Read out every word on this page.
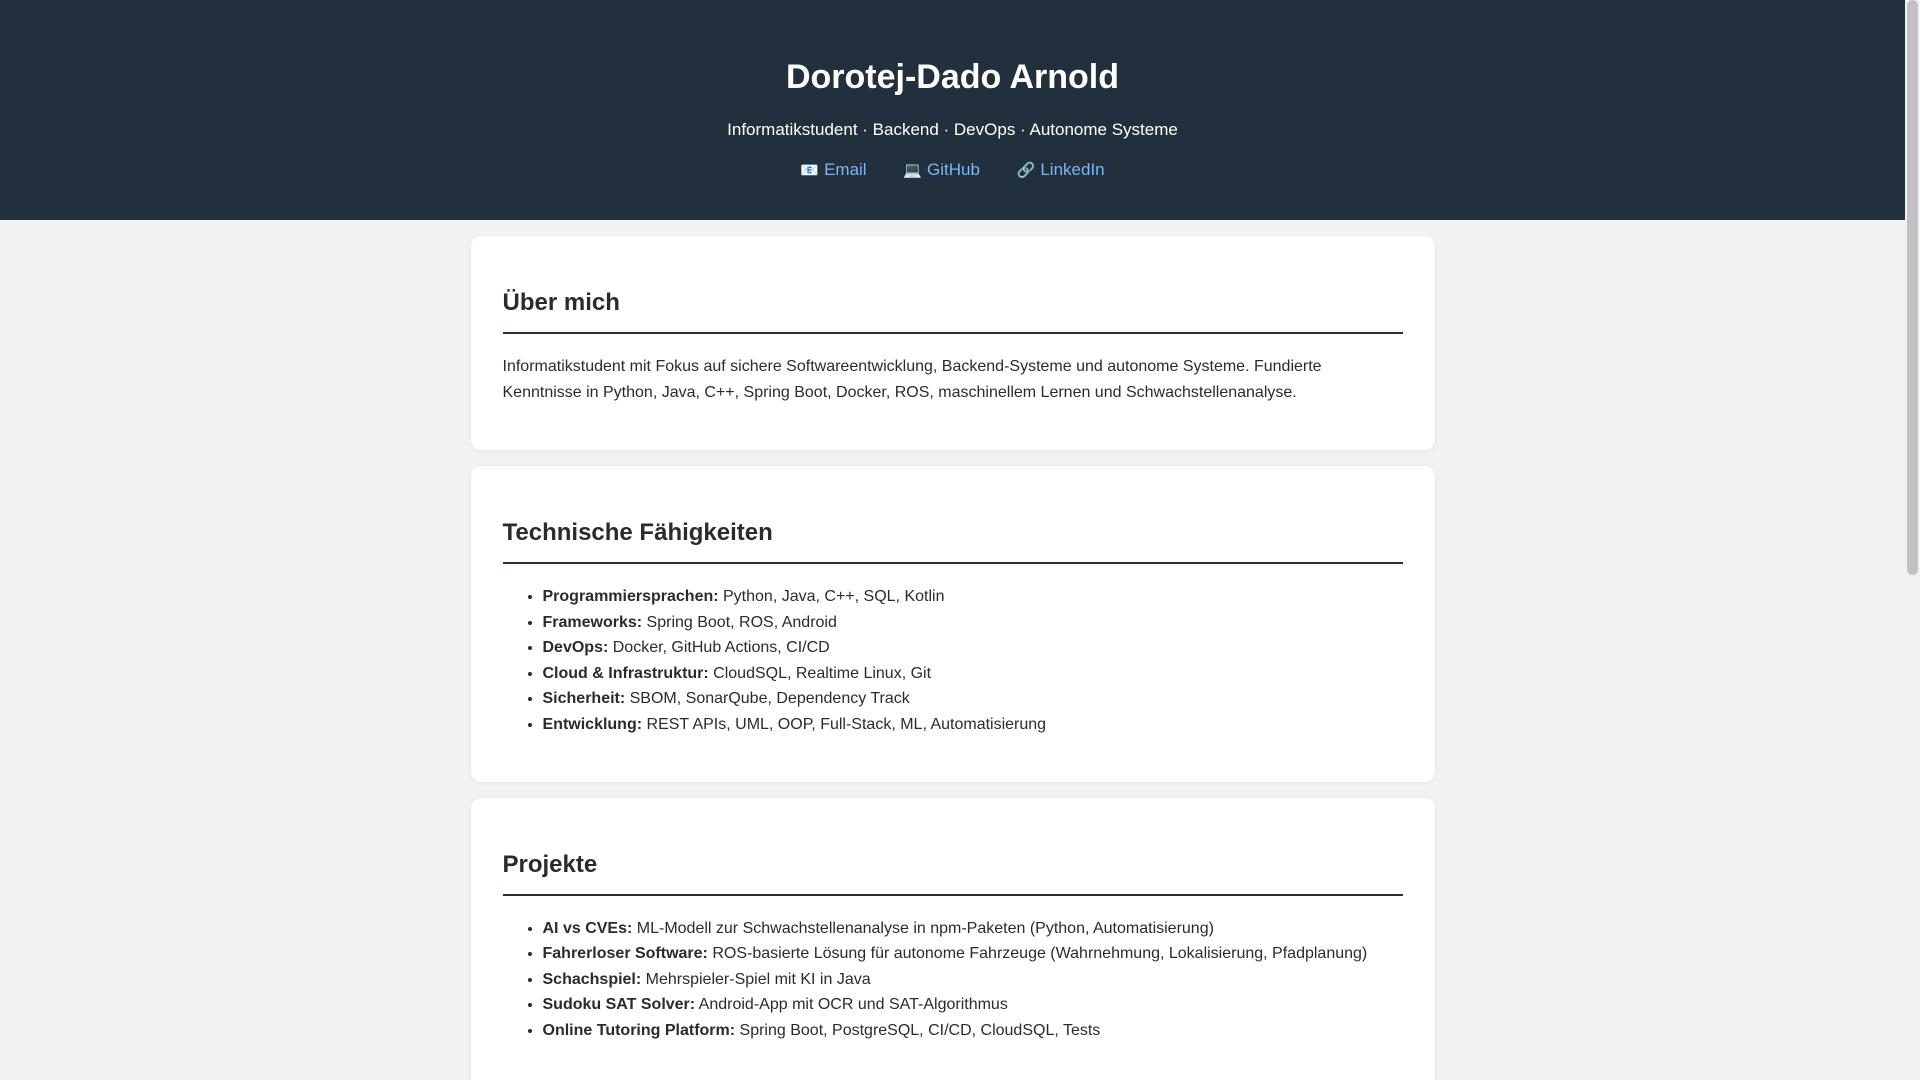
Dorotej-Dado Arnold
Informatikstudent · Backend · DevOps · Autonome Systeme
📧 Email 💻 GitHub 🔗 LinkedIn
Über mich

Informatikstudent mit Fokus auf sichere Softwareentwicklung, Backend-Systeme und autonome Systeme. Fundierte Kenntnisse in Python, Java, C++, Spring Boot, Docker, ROS, maschinellem Lernen und Schwachstellenanalyse.

Technische Fähigkeiten
• Programmiersprachen: Python, Java, C++, SQL, Kotlin
• Frameworks: Spring Boot, ROS, Android
• DevOps: Docker, GitHub Actions, CI/CD
• Cloud & Infrastruktur: CloudSQL, Realtime Linux, Git
• Sicherheit: SBOM, SonarQube, Dependency Track
• Entwicklung: REST APIs, UML, OOP, Full-Stack, ML, Automatisierung
Projekte
• AI vs CVEs: ML-Modell zur Schwachstellenanalyse in npm-Paketen (Python, Automatisierung)
• Fahrerloser Software: ROS-basierte Lösung für autonome Fahrzeuge (Wahrnehmung, Lokalisierung, Pfadplanung)
• Schachspiel: Mehrspieler-Spiel mit KI in Java
• Sudoku SAT Solver: Android-App mit OCR und SAT-Algorithmus
• Online Tutoring Platform: Spring Boot, PostgreSQL, CI/CD, CloudSQL, Tests
